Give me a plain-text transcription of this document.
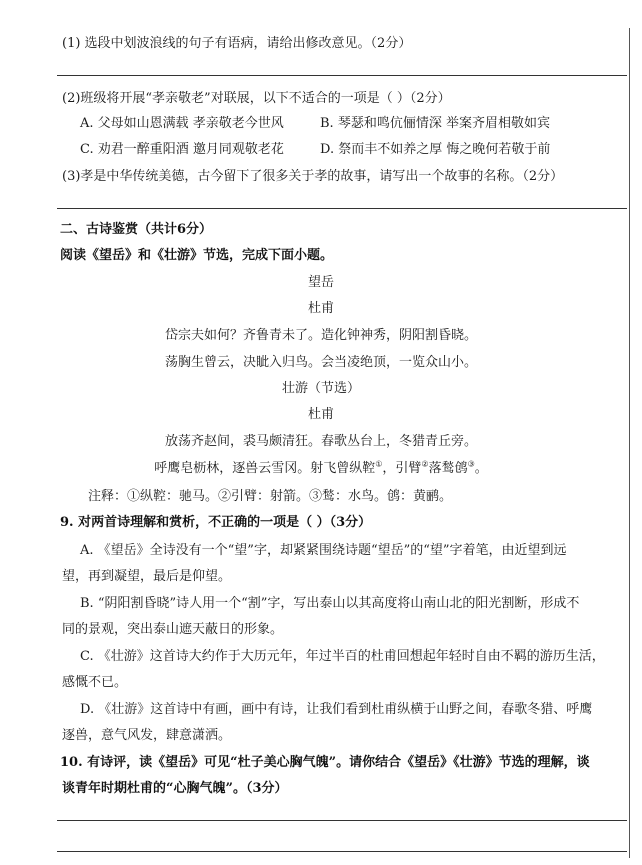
(1) 选段中划波浪线的句子有语病，请给出修改意见。（2分）
(2)班级将开展“孝亲敬老”对联展，以下不适合的一项是（ ）（2分）
A. 父母如山恩满载 孝亲敬老今世风	B. 琴瑟和鸣伉俪情深 举案齐眉相敬如宾
C. 劝君一醉重阳酒 邀月同观敬老花	D. 祭而丰不如养之厚 悔之晚何若敬于前
(3)孝是中华传统美德，古今留下了很多关于孝的故事，请写出一个故事的名称。（2分）
二、古诗鉴赏（共计6分）
阅读《望岳》和《壮游》节选，完成下面小题。
望岳
杜甫
岱宗夫如何？齐鲁青未了。造化钟神秀，阴阳割昏晓。
荡胸生曾云，决眦入归鸟。会当凌绝顶，一览众山小。
壮游（节选）
杜甫
放荡齐赵间，裘马颇清狂。春歌丛台上，冬猎青丘旁。
呼鹰皂枥林，逐兽云雪冈。射飞曾纵鞚①，引臂②落鹙鸧③。
注释：①纵鞚：驰马。②引臂：射箭。③鹙：水鸟。鸧：黄鹂。
9. 对两首诗理解和赏析，不正确的一项是（ ）（3分）
A. 《望岳》全诗没有一个“望”字，却紧紧围绕诗题“望岳”的“望”字着笔，由近望到远
望，再到凝望，最后是仰望。
B. “阴阳割昏晓”诗人用一个“割”字，写出泰山以其高度将山南山北的阳光割断，形成不
同的景观，突出泰山遮天蔽日的形象。
C. 《壮游》这首诗大约作于大历元年，年过半百的杜甫回想起年轻时自由不羁的游历生活，
感慨不已。
D. 《壮游》这首诗中有画，画中有诗，让我们看到杜甫纵横于山野之间，春歌冬猎、呼鹰
逐兽，意气风发，肆意潇洒。
10. 有诗评，读《望岳》可见“杜子美心胸气魄”。请你结合《望岳》《壮游》节选的理解，谈
谈青年时期杜甫的“心胸气魄”。（3分）
